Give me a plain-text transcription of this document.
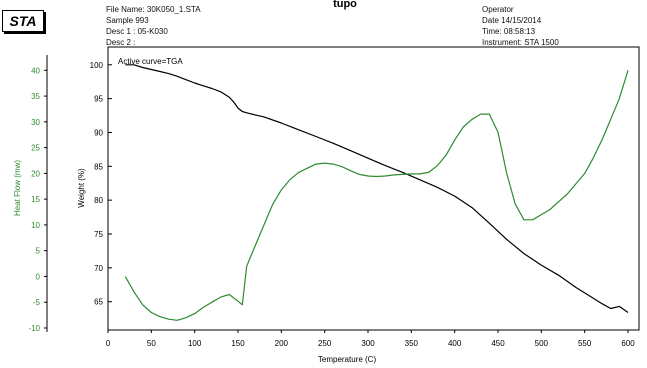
STA
tupo
File Name: 30K050_1.STA
Sample 993
Desc 1 : 05-K030
Desc 2 :
Operator
Date 14/15/2014
Time: 08:58:13
Instrument: STA 1500
Active curve=TGA
Temperature (C)
Weight (%)
Heat Flow (mw)
0	50	100	150	200	250	300	350	400	450	500	550	600
65
70
75
80
85
90
95
100
-10
-5
0
5
10
15
20
25
30
35
40
